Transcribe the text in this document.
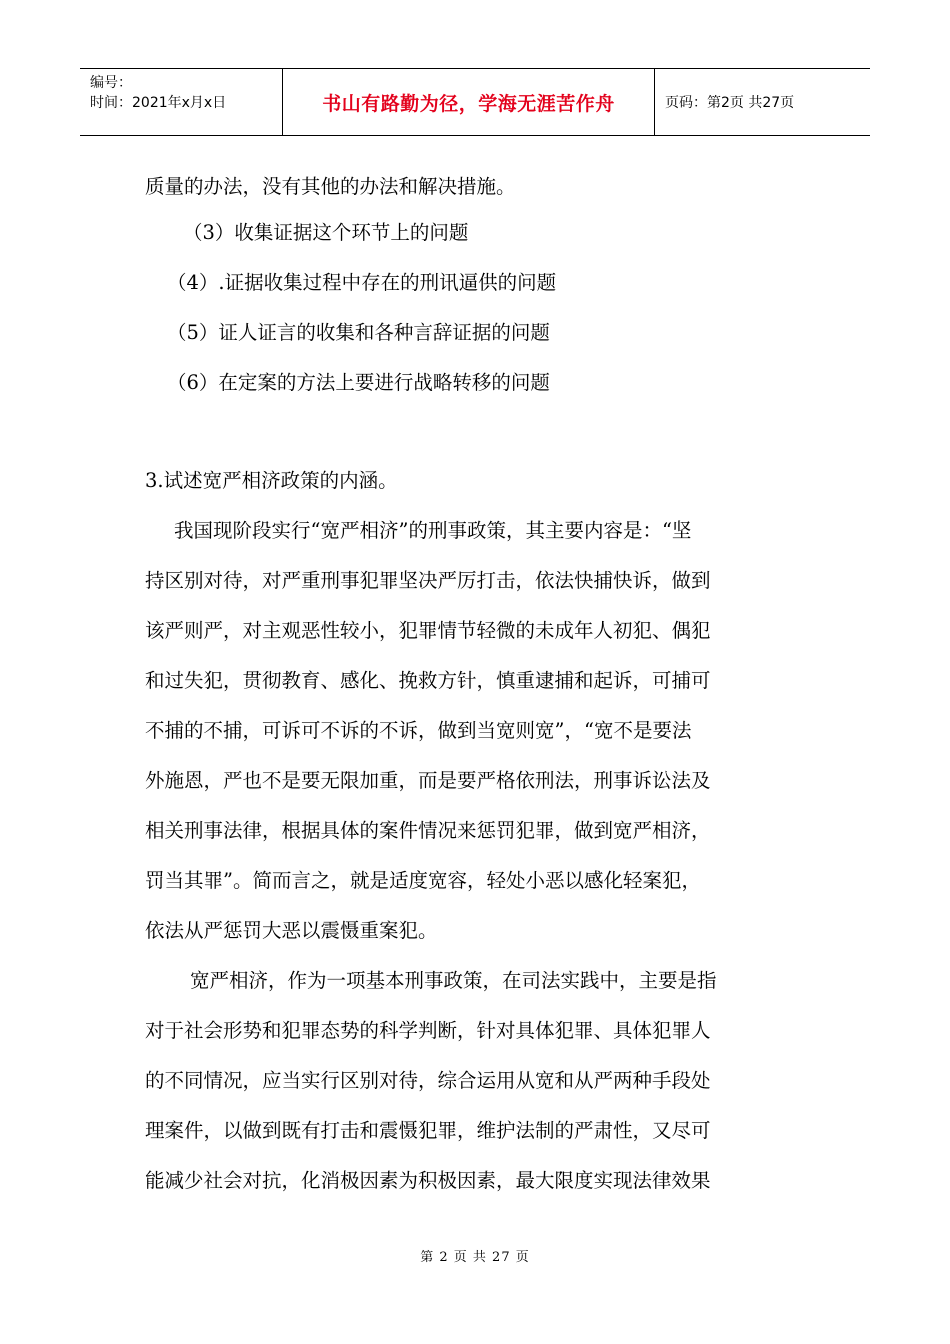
编号：
时间：2021年x月x日	书山有路勤为径，学海无涯苦作舟	页码：第2页 共27页
质量的办法，没有其他的办法和解决措施。
（3）收集证据这个环节上的问题
（4）.证据收集过程中存在的刑讯逼供的问题
（5）证人证言的收集和各种言辞证据的问题
（6）在定案的方法上要进行战略转移的问题
3.试述宽严相济政策的内涵。
我国现阶段实行“宽严相济”的刑事政策，其主要内容是：“坚
持区别对待，对严重刑事犯罪坚决严厉打击，依法快捕快诉，做到
该严则严，对主观恶性较小，犯罪情节轻微的未成年人初犯、偶犯
和过失犯，贯彻教育、感化、挽救方针，慎重逮捕和起诉，可捕可
不捕的不捕，可诉可不诉的不诉，做到当宽则宽”，“宽不是要法
外施恩，严也不是要无限加重，而是要严格依刑法，刑事诉讼法及
相关刑事法律，根据具体的案件情况来惩罚犯罪，做到宽严相济，
罚当其罪”。简而言之，就是适度宽容，轻处小恶以感化轻案犯，
依法从严惩罚大恶以震慑重案犯。
宽严相济，作为一项基本刑事政策，在司法实践中，主要是指
对于社会形势和犯罪态势的科学判断，针对具体犯罪、具体犯罪人
的不同情况，应当实行区别对待，综合运用从宽和从严两种手段处
理案件，以做到既有打击和震慑犯罪，维护法制的严肃性，又尽可
能减少社会对抗，化消极因素为积极因素，最大限度实现法律效果
第 2 页 共 27 页
